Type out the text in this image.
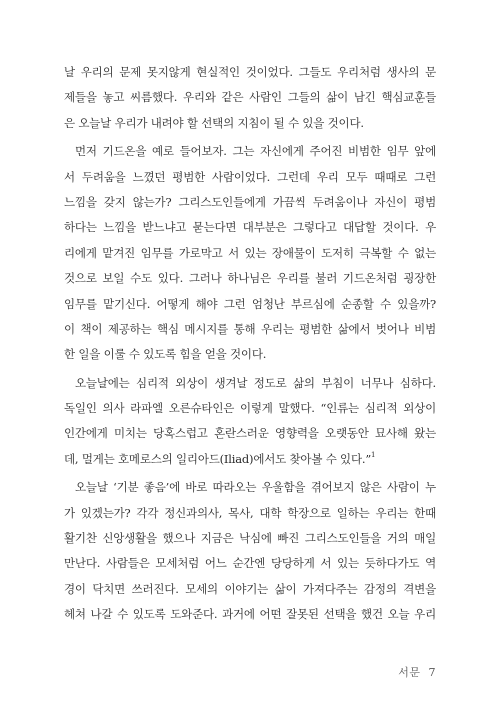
날 우리의 문제 못지않게 현실적인 것이었다. 그들도 우리처럼 생사의 문
제들을 놓고 씨름했다. 우리와 같은 사람인 그들의 삶이 남긴 핵심교훈들
은 오늘날 우리가 내려야 할 선택의 지침이 될 수 있을 것이다.
먼저 기드온을 예로 들어보자. 그는 자신에게 주어진 비범한 임무 앞에
서 두려움을 느꼈던 평범한 사람이었다. 그런데 우리 모두 때때로 그런
느낌을 갖지 않는가? 그리스도인들에게 가끔씩 두려움이나 자신이 평범
하다는 느낌을 받느냐고 묻는다면 대부분은 그렇다고 대답할 것이다. 우
리에게 맡겨진 임무를 가로막고 서 있는 장애물이 도저히 극복할 수 없는
것으로 보일 수도 있다. 그러나 하나님은 우리를 불러 기드온처럼 굉장한
임무를 맡기신다. 어떻게 해야 그런 엄청난 부르심에 순종할 수 있을까?
이 책이 제공하는 핵심 메시지를 통해 우리는 평범한 삶에서 벗어나 비범
한 일을 이룰 수 있도록 힘을 얻을 것이다.
오늘날에는 심리적 외상이 생겨날 정도로 삶의 부침이 너무나 심하다.
독일인 의사 라파엘 오른슈타인은 이렇게 말했다. “인류는 심리적 외상이
인간에게 미치는 당혹스럽고 혼란스러운 영향력을 오랫동안 묘사해 왔는
데, 멀게는 호메로스의 일리아드(Iliad)에서도 찾아볼 수 있다.”$^1$
오늘날 ‘기분 좋음’에 바로 따라오는 우울함을 겪어보지 않은 사람이 누
가 있겠는가? 각각 정신과의사, 목사, 대학 학장으로 일하는 우리는 한때
활기찬 신앙생활을 했으나 지금은 낙심에 빠진 그리스도인들을 거의 매일
만난다. 사람들은 모세처럼 어느 순간엔 당당하게 서 있는 듯하다가도 역
경이 닥치면 쓰러진다. 모세의 이야기는 삶이 가져다주는 감정의 격변을
헤쳐 나갈 수 있도록 도와준다. 과거에 어떤 잘못된 선택을 했건 오늘 우리
서문 7
